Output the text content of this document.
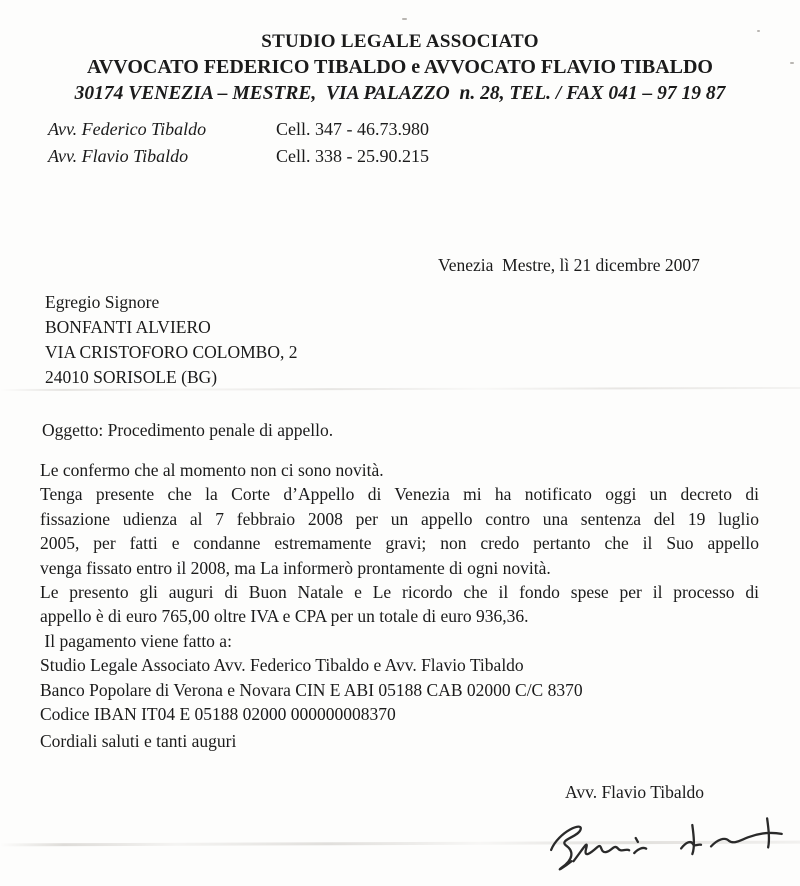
STUDIO LEGALE ASSOCIATO
AVVOCATO FEDERICO TIBALDO e AVVOCATO FLAVIO TIBALDO
30174 VENEZIA – MESTRE,  VIA PALAZZO  n. 28, TEL. / FAX 041 – 97 19 87
Avv. Federico Tibaldo	Cell. 347 - 46.73.980
Avv. Flavio Tibaldo	Cell. 338 - 25.90.215
Venezia  Mestre, lì 21 dicembre 2007
Egregio Signore
BONFANTI ALVIERO
VIA CRISTOFORO COLOMBO, 2
24010 SORISOLE (BG)
Oggetto: Procedimento penale di appello.
Le confermo che al momento non ci sono novità.
Tenga presente che la Corte d’Appello di Venezia mi ha notificato oggi un decreto di
fissazione udienza al 7 febbraio 2008 per un appello contro una sentenza del 19 luglio
2005, per fatti e condanne estremamente gravi; non credo pertanto che il Suo appello
venga fissato entro il 2008, ma La informerò prontamente di ogni novità.
Le presento gli auguri di Buon Natale e Le ricordo che il fondo spese per il processo di
appello è di euro 765,00 oltre IVA e CPA per un totale di euro 936,36.
Il pagamento viene fatto a:
Studio Legale Associato Avv. Federico Tibaldo e Avv. Flavio Tibaldo
Banco Popolare di Verona e Novara CIN E ABI 05188 CAB 02000 C/C 8370
Codice IBAN IT04 E 05188 02000 000000008370
Cordiali saluti e tanti auguri
Avv. Flavio Tibaldo
